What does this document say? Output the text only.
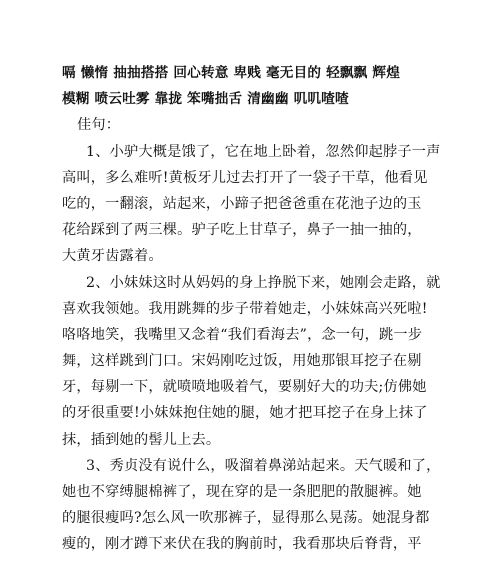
嗝 懒惰 抽抽搭搭 回心转意 卑贱 毫无目的 轻飘飘 辉煌
模糊 喷云吐雾 靠拢 笨嘴拙舌 清幽幽 叽叽喳喳
佳句：
1、小驴大概是饿了，它在地上卧着，忽然仰起脖子一声
高叫，多么难听!黄板牙儿过去打开了一袋子干草，他看见
吃的，一翻滚，站起来，小蹄子把爸爸重在花池子边的玉
花给踩到了两三棵。驴子吃上甘草子，鼻子一抽一抽的，
大黄牙齿露着。
2、小妹妹这时从妈妈的身上挣脱下来，她刚会走路，就
喜欢我领她。我用跳舞的步子带着她走，小妹妹高兴死啦!
咯咯地笑，我嘴里又念着“我们看海去”，念一句，跳一步
舞，这样跳到门口。宋妈刚吃过饭，用她那银耳挖子在剔
牙，每剔一下，就喷喷地吸着气，要剔好大的功夫;仿佛她
的牙很重要!小妹妹抱住她的腿，她才把耳挖子在身上抹了
抹，插到她的髻儿上去。
3、秀贞没有说什么，吸溜着鼻涕站起来。天气暖和了，
她也不穿缚腿棉裤了，现在穿的是一条肥肥的散腿裤。她
的腿很瘦吗?怎么风一吹那裤子，显得那么晃荡。她混身都
瘦的，刚才蹲下来伏在我的胸前时，我看那块后脊背，平
